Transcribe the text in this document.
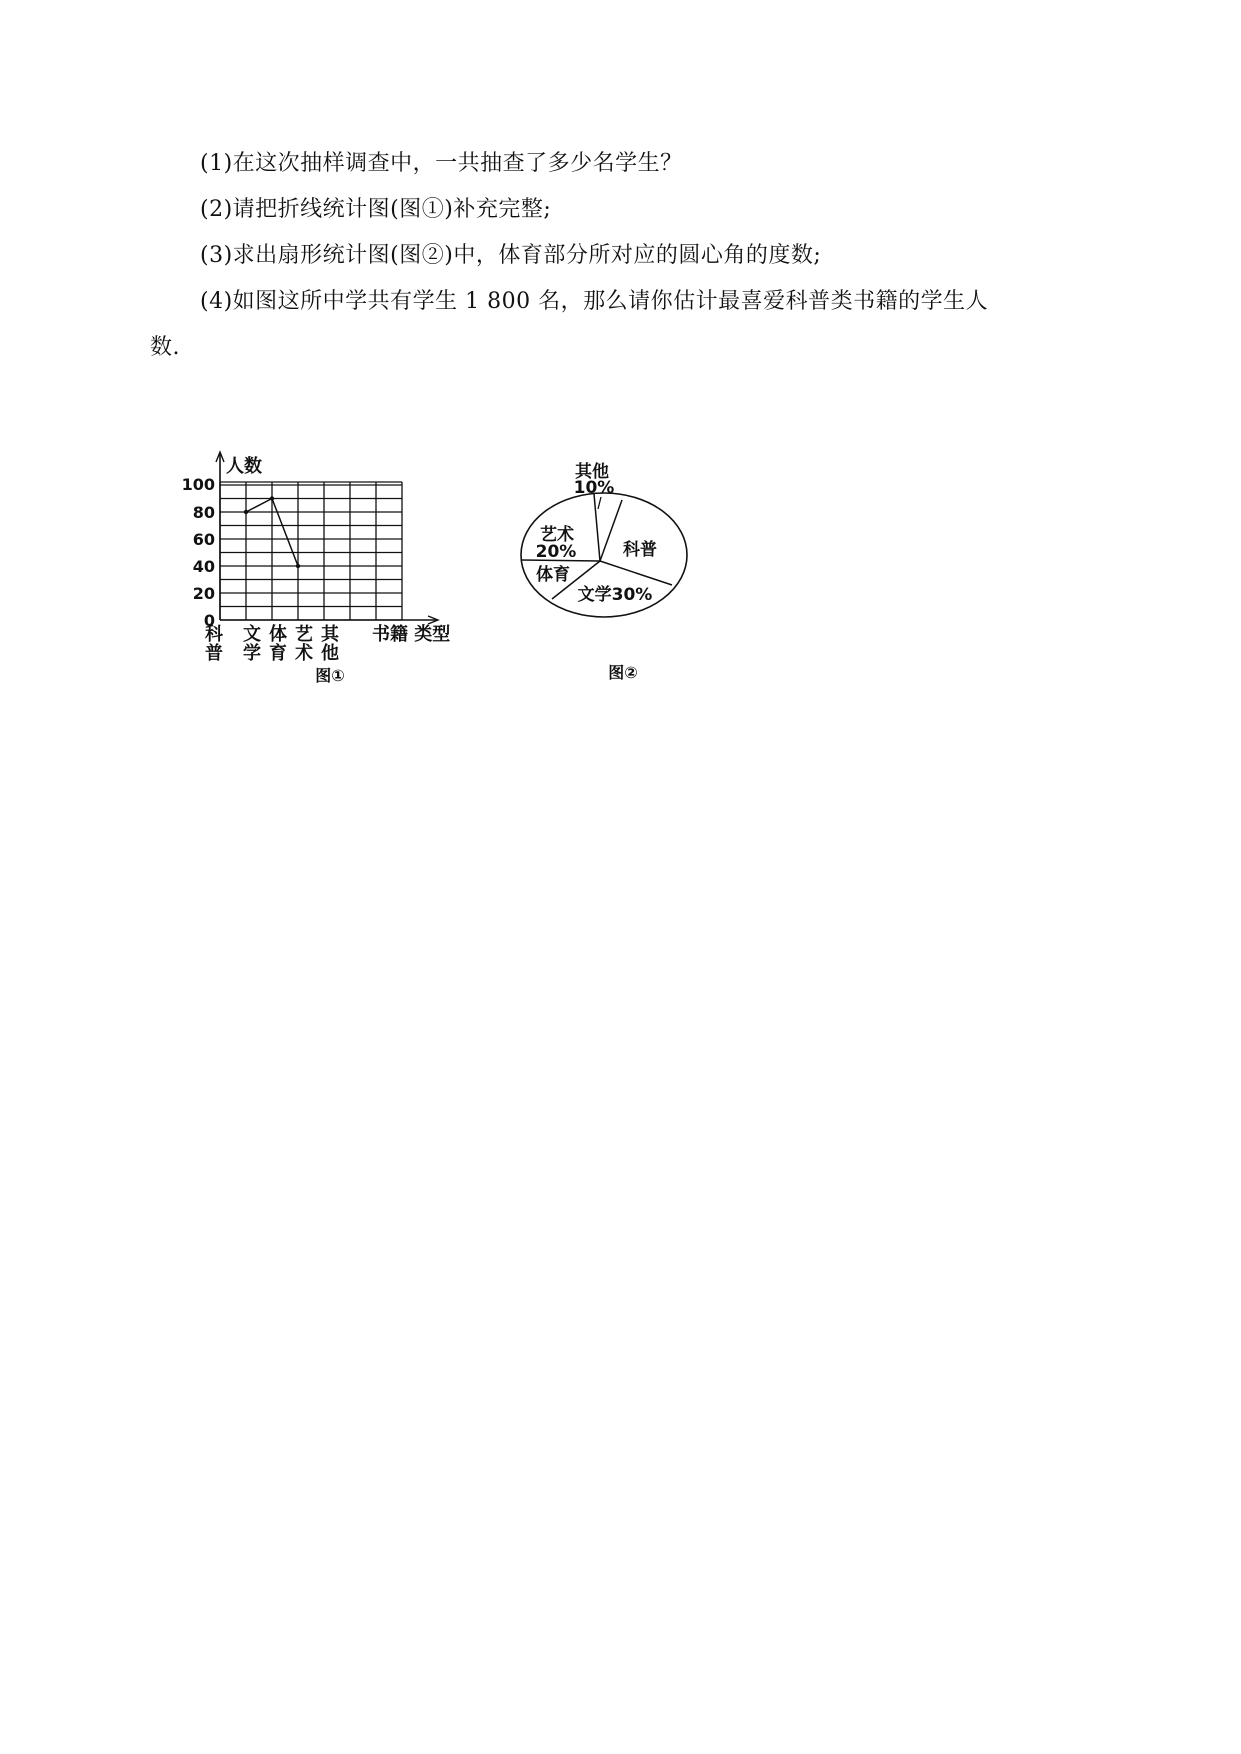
(1)在这次抽样调查中，一共抽查了多少名学生？
(2)请把折线统计图(图①)补充完整;
(3)求出扇形统计图(图②)中，体育部分所对应的圆心角的度数;
(4)如图这所中学共有学生 1 800 名，那么请你估计最喜爱科普类书籍的学生人
数.
0
20
40
60
80
100
科
普
文
学
体
育
艺
术
其
他
人数
书籍 类型
图①
其他
10%
科普
文学30%
体育
艺术
20%
图②
